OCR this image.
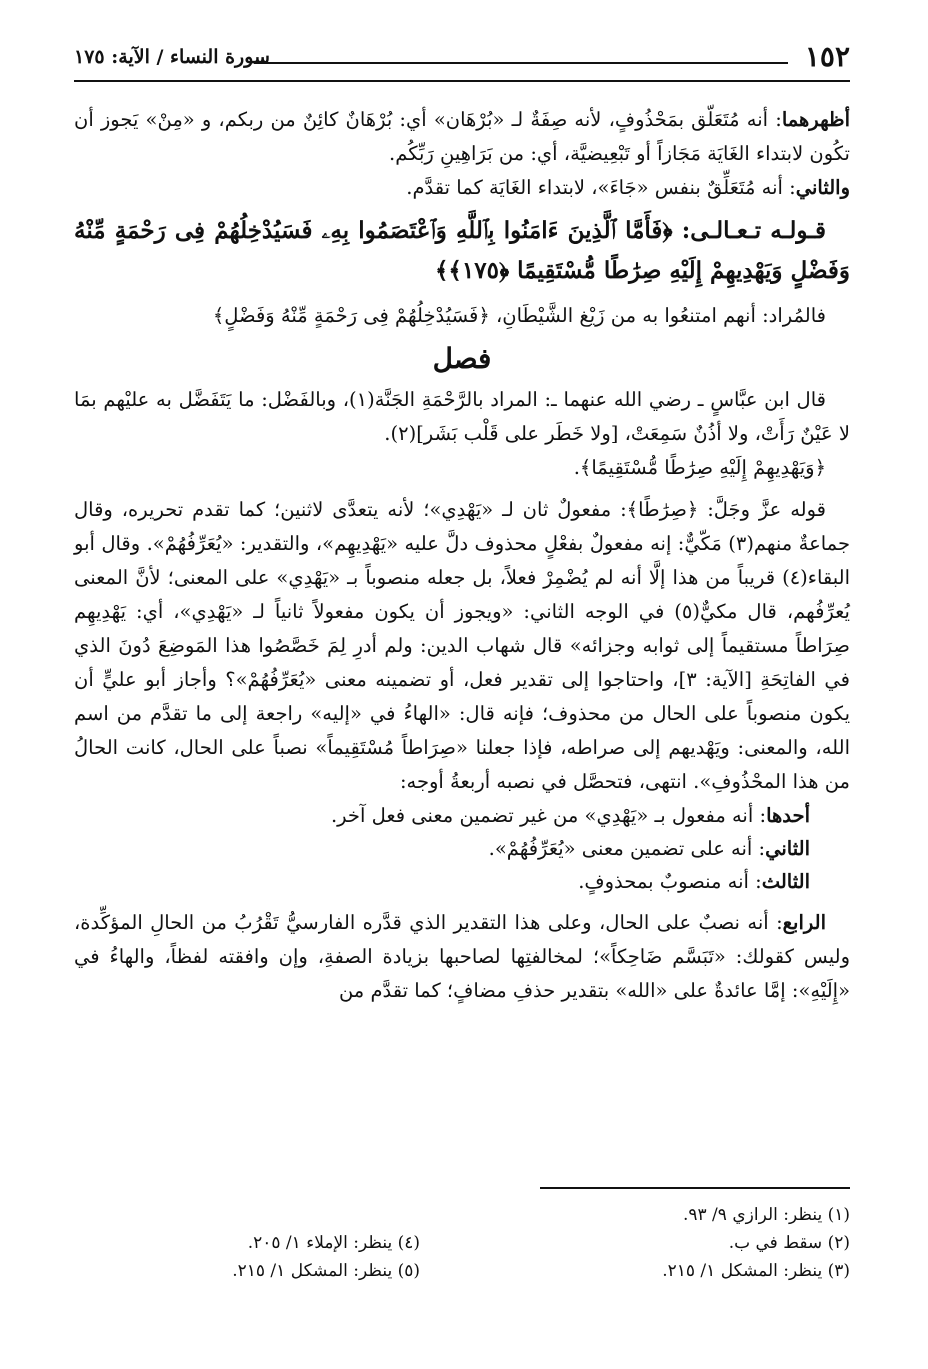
١٥٢
سورة النساء / الآية: ١٧٥

أظهرهما: أنه مُتَعَلّق بمَحْذُوفٍ، لأنه صِفَةٌ لـ «بُرْهَان» أي: بُرْهَانٌ كائِنٌ من ربكم، و «مِنْ» يَجوز أن تكُون لابتداء الغَايَة مَجَازاً أو تَبْعِيضيَّة، أي: من بَرَاهِينِ رَبِّكُم.

والثاني: أنه مُتَعَلِّقٌ بنفس «جَاءَ»، لابتداء الغَايَة كما تقدَّم.

قـولـه تـعـالـى: ﴿فَأَمَّا ٱلَّذِينَ ءَامَنُوا بِٱللَّهِ وَٱعْتَصَمُوا بِهِۦ فَسَيُدْخِلُهُمْ فِى رَحْمَةٍ مِّنْهُ وَفَضْلٍ وَيَهْدِيهِمْ إِلَيْهِ صِرَٰطًا مُّسْتَقِيمًا ﴿١٧٥﴾﴾

فالمُراد: أنهم امتنعُوا به من زَيْغ الشَّيْطَانِ، ﴿فَسَيُدْخِلُهُمْ فِى رَحْمَةٍ مِّنْهُ وَفَضْلٍ﴾

فصل

قال ابن عبَّاسٍ ـ رضي الله عنهما ـ: المراد بالرَّحْمَةِ الجَنَّة(١)، وبالفَضْل: ما يَتَفَضَّل به عليْهم بمَا لا عَيْنٌ رَأَتْ، ولا أذُنٌ سَمِعَتْ، [ولا خَطَر على قَلْب بَشَر](٢).

﴿وَيَهْدِيهِمْ إِلَيْهِ صِرَٰطًا مُّسْتَقِيمًا﴾.

قوله عزَّ وجَلَّ: ﴿صِرَٰطًا﴾: مفعولٌ ثان لـ «يَهْدِي»؛ لأنه يتعدَّى لاثنين؛ كما تقدم تحريره، وقال جماعةٌ منهم(٣) مَكّيٌّ: إنه مفعولٌ بفعْلٍ محذوف دلَّ عليه «يَهْدِيهِم»، والتقدير: «يُعَرِّفُهُمْ». وقال أبو البقاء(٤) قريباً من هذا إلَّا أنه لم يُضْمِرْ فعلاً، بل جعله منصوباً بـ «يَهْدِي» على المعنى؛ لأنَّ المعنى يُعرِّفُهم، قال مكيٌّ(٥) في الوجه الثاني: «ويجوز أن يكون مفعولاً ثانياً لـ «يَهْدِي»، أي: يَهْدِيهِم صِرَاطاً مستقيماً إلى ثوابه وجزائه» قال شهاب الدين: ولم أدرِ لِمَ خَصَّصُوا هذا المَوضِعَ دُونَ الذي في الفاتِحَةِ [الآية: ٣]، واحتاجوا إلى تقدير فعل، أو تضمينه معنى «يُعَرِّفُهُمْ»؟ وأجاز أبو عليٍّ أن يكون منصوباً على الحال من محذوف؛ فإنه قال: «الهاءُ في «إليه» راجعة إلى ما تقدَّم من اسم الله، والمعنى: ويَهْديهم إلى صراطه، فإذا جعلنا «صِرَاطاً مُسْتَقِيماً» نصباً على الحال، كانت الحالُ من هذا المحْذُوفِ». انتهى، فتحصَّل في نصبه أربعةُ أوجه:

أحدها: أنه مفعول بـ «يَهْدِي» من غير تضمين معنى فعل آخر.

الثاني: أنه على تضمين معنى «يُعَرِّفُهُمْ».

الثالث: أنه منصوبٌ بمحذوفٍ.

الرابع: أنه نصبٌ على الحال، وعلى هذا التقدير الذي قدَّره الفارسيُّ تَقْرُبُ من الحالِ المؤكِّدة، وليس كقولك: «تَبَسَّم ضَاحِكاً»؛ لمخالفتِها لصاحبها بزيادة الصفةِ، وإن وافقته لفظاً، والهاءُ في «إِلَيْهِ»: إمَّا عائدةٌ على «الله» بتقدير حذفِ مضافٍ؛ كما تقدَّم من

(١) ينظر: الرازي ٩/ ٩٣.
(٢) سقط في ب.
(٣) ينظر: المشكل ١/ ٢١٥.
(٤) ينظر: الإملاء ١/ ٢٠٥.
(٥) ينظر: المشكل ١/ ٢١٥.
